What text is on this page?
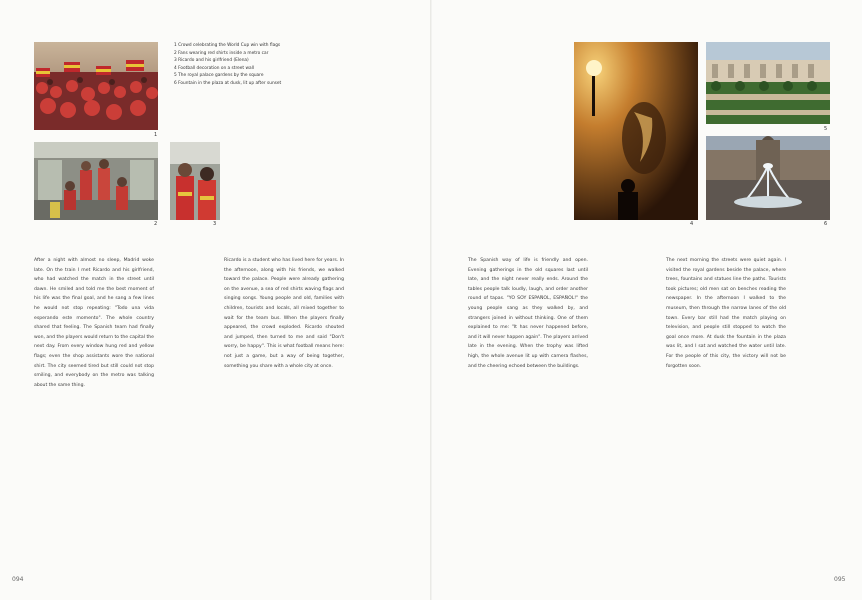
1
1 Crowd celebrating the World Cup win with flags
2 Fans wearing red shirts inside a metro car
3 Ricardo and his girlfriend (Elena)
4 Football decoration on a street wall
5 The royal palace gardens by the square
6 Fountain in the plaza at dusk, lit up after sunset
2	3	4
5
6

After a night with almost no sleep, Madrid woke late. On the train I met Ricardo and his girlfriend, who had watched the match in the street until dawn. He smiled and told me the best moment of his life was the final goal, and he sang a few lines he would not stop repeating: "Todo una vida esperando este momento". The whole country shared that feeling. The Spanish team had finally won, and the players would return to the capital the next day. From every window hung red and yellow flags; even the shop assistants wore the national shirt. The city seemed tired but still could not stop smiling, and everybody on the metro was talking about the same thing.

Ricardo is a student who has lived here for years. In the afternoon, along with his friends, we walked toward the palace. People were already gathering on the avenue, a sea of red shirts waving flags and singing songs. Young people and old, families with children, tourists and locals, all mixed together to wait for the team bus. When the players finally appeared, the crowd exploded. Ricardo shouted and jumped, then turned to me and said "Don't worry, be happy". This is what football means here: not just a game, but a way of being together, something you share with a whole city at once.

The Spanish way of life is friendly and open. Evening gatherings in the old squares last until late, and the night never really ends. Around the tables people talk loudly, laugh, and order another round of tapas. "YO SOY ESPAÑOL, ESPAÑOL!" the young people sang as they walked by, and strangers joined in without thinking. One of them explained to me: "It has never happened before, and it will never happen again". The players arrived late in the evening. When the trophy was lifted high, the whole avenue lit up with camera flashes, and the cheering echoed between the buildings.

The next morning the streets were quiet again. I visited the royal gardens beside the palace, where trees, fountains and statues line the paths. Tourists took pictures; old men sat on benches reading the newspaper. In the afternoon I walked to the museum, then through the narrow lanes of the old town. Every bar still had the match playing on television, and people still stopped to watch the goal once more. At dusk the fountain in the plaza was lit, and I sat and watched the water until late. For the people of this city, the victory will not be forgotten soon.

094	095
